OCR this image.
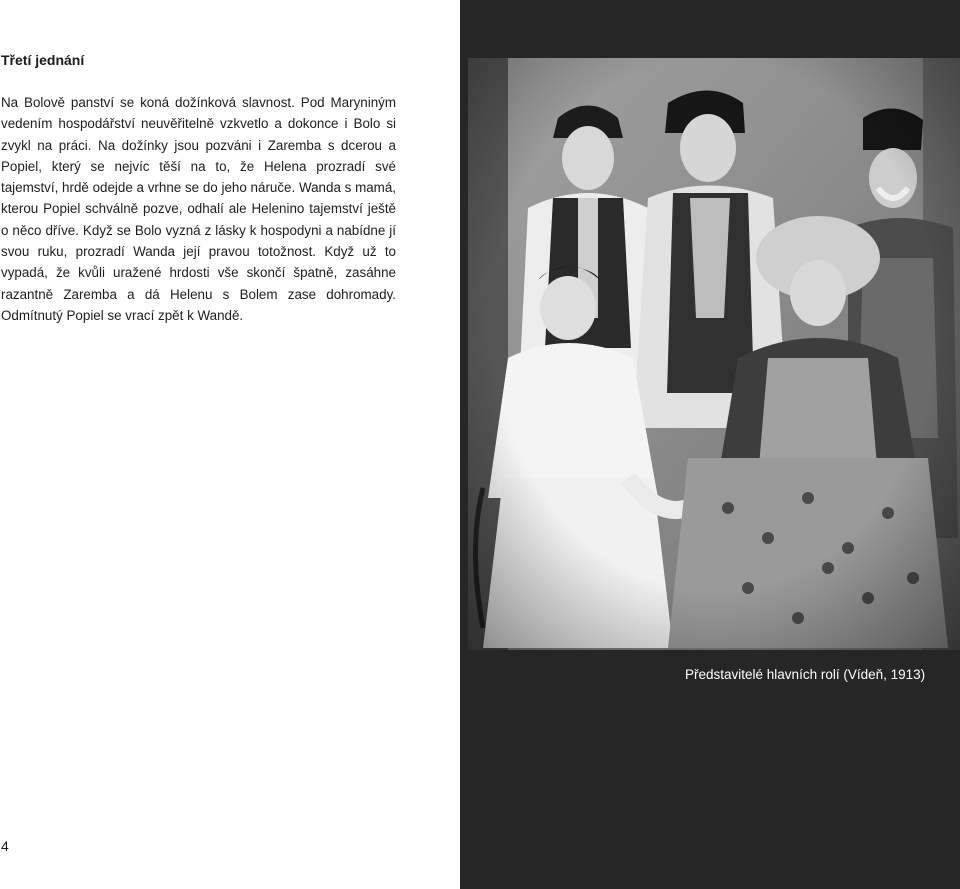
Třetí jednání

Na Bolově panství se koná dožínková slavnost. Pod Maryniným vedením hospodářství neuvěřitelně vzkvetlo a dokonce i Bolo si zvykl na práci. Na dožínky jsou pozváni i Zaremba s dcerou a Popiel, který se nejvíc těší na to, že Helena prozradí své tajemství, hrdě odejde a vrhne se do jeho náruče. Wanda s mamá, kterou Popiel schválně pozve, odhalí ale Helenino tajemství ještě o něco dříve. Když se Bolo vyzná z lásky k hospodyni a nabídne jí svou ruku, prozradí Wanda její pravou totožnost. Když už to vypadá, že kvůli uražené hrdosti vše skončí špatně, zasáhne razantně Zaremba a dá Helenu s Bolem zase dohromady. Odmítnutý Popiel se vrací zpět k Wandě.

4
Představitelé hlavních rolí (Vídeň, 1913)
